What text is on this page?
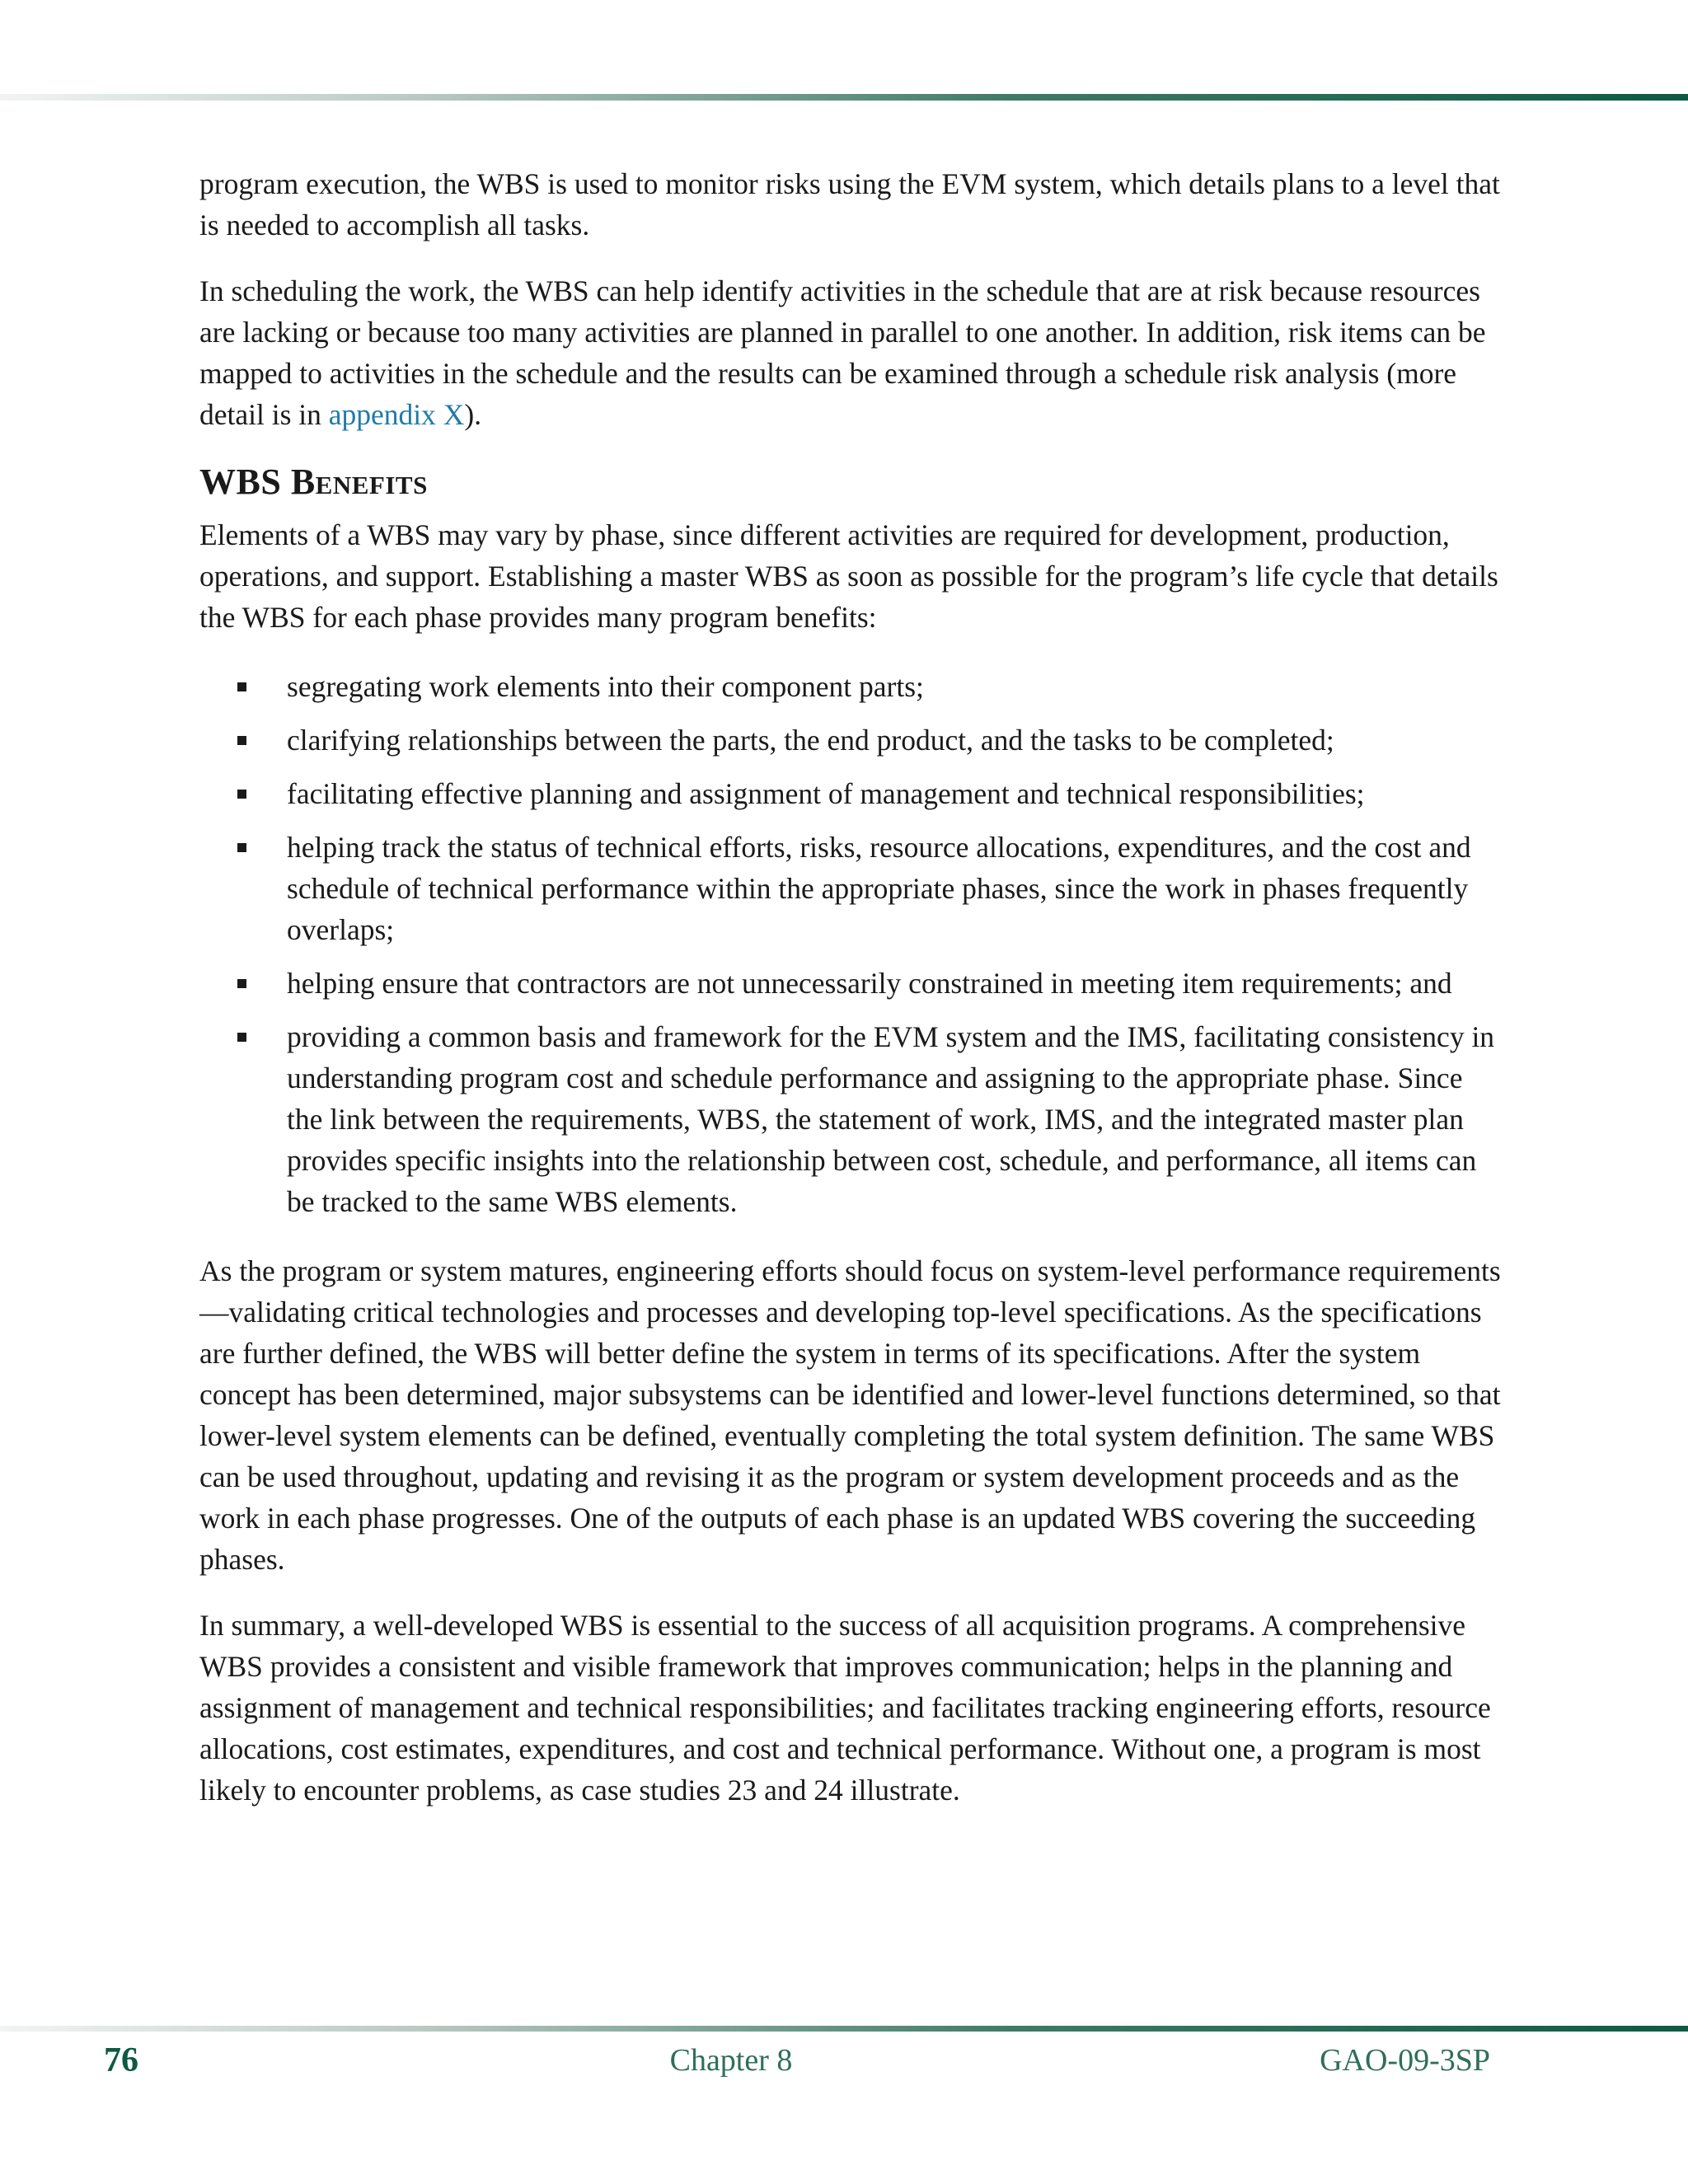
program execution, the WBS is used to monitor risks using the EVM system, which details plans to a level that is needed to accomplish all tasks.

In scheduling the work, the WBS can help identify activities in the schedule that are at risk because resources are lacking or because too many activities are planned in parallel to one another. In addition, risk items can be mapped to activities in the schedule and the results can be examined through a schedule risk analysis (more detail is in appendix X).

WBS Benefits

Elements of a WBS may vary by phase, since different activities are required for development, production, operations, and support. Establishing a master WBS as soon as possible for the program’s life cycle that details the WBS for each phase provides many program benefits:

segregating work elements into their component parts;
clarifying relationships between the parts, the end product, and the tasks to be completed;
facilitating effective planning and assignment of management and technical responsibilities;
helping track the status of technical efforts, risks, resource allocations, expenditures, and the cost and schedule of technical performance within the appropriate phases, since the work in phases frequently overlaps;
helping ensure that contractors are not unnecessarily constrained in meeting item requirements; and
providing a common basis and framework for the EVM system and the IMS, facilitating consistency in understanding program cost and schedule performance and assigning to the appropriate phase. Since the link between the requirements, WBS, the statement of work, IMS, and the integrated master plan provides specific insights into the relationship between cost, schedule, and performance, all items can be tracked to the same WBS elements.

As the program or system matures, engineering efforts should focus on system-level performance requirements—validating critical technologies and processes and developing top-level specifications. As the specifications are further defined, the WBS will better define the system in terms of its specifications. After the system concept has been determined, major subsystems can be identified and lower-level functions determined, so that lower-level system elements can be defined, eventually completing the total system definition. The same WBS can be used throughout, updating and revising it as the program or system development proceeds and as the work in each phase progresses. One of the outputs of each phase is an updated WBS covering the succeeding phases.

In summary, a well-developed WBS is essential to the success of all acquisition programs. A comprehensive WBS provides a consistent and visible framework that improves communication; helps in the planning and assignment of management and technical responsibilities; and facilitates tracking engineering efforts, resource allocations, cost estimates, expenditures, and cost and technical performance. Without one, a program is most likely to encounter problems, as case studies 23 and 24 illustrate.

76	Chapter 8	GAO-09-3SP
